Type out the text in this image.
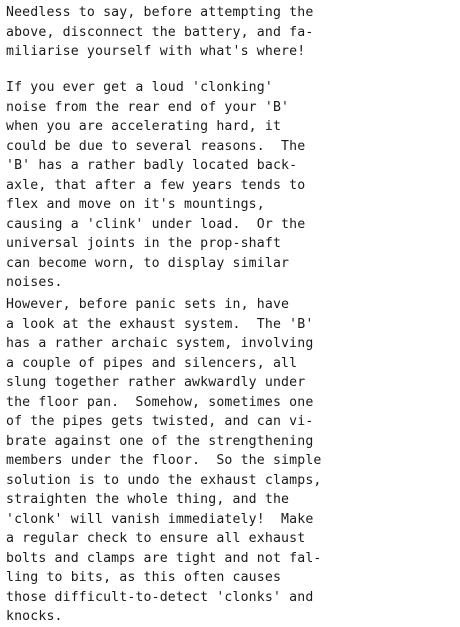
Needless to say, before attempting the
above, disconnect the battery, and fa-
miliarise yourself with what's where!
If you ever get a loud 'clonking'
noise from the rear end of your 'B'
when you are accelerating hard, it
could be due to several reasons.  The
'B' has a rather badly located back-
axle, that after a few years tends to
flex and move on it's mountings,
causing a 'clink' under load.  Or the
universal joints in the prop-shaft
can become worn, to display similar
noises.
However, before panic sets in, have
a look at the exhaust system.  The 'B'
has a rather archaic system, involving
a couple of pipes and silencers, all
slung together rather awkwardly under
the floor pan.  Somehow, sometimes one
of the pipes gets twisted, and can vi-
brate against one of the strengthening
members under the floor.  So the simple
solution is to undo the exhaust clamps,
straighten the whole thing, and the
'clonk' will vanish immediately!  Make
a regular check to ensure all exhaust
bolts and clamps are tight and not fal-
ling to bits, as this often causes
those difficult-to-detect 'clonks' and
knocks.
